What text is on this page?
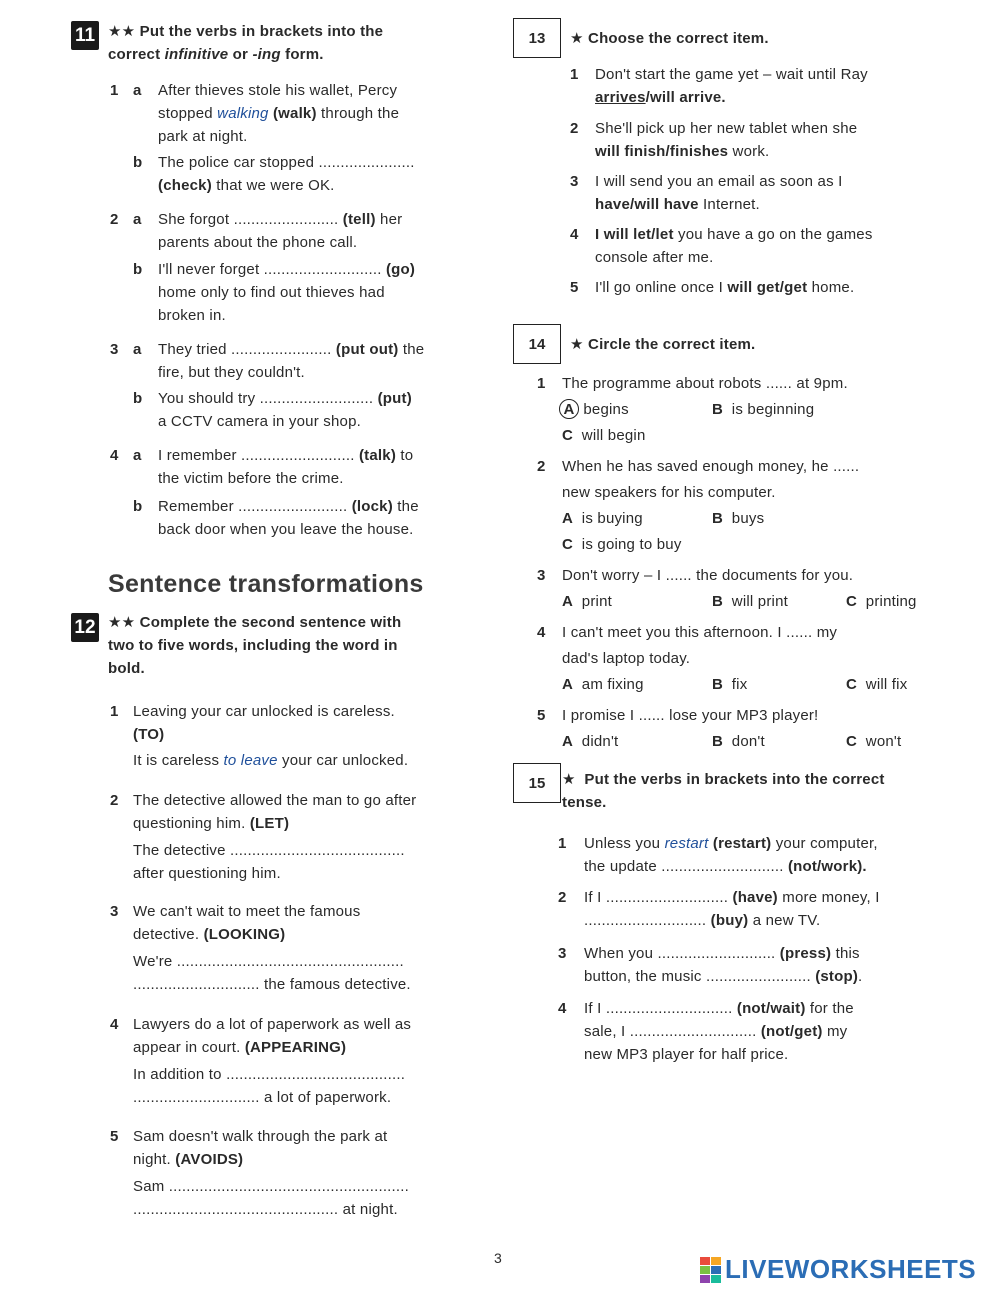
11 ★★ Put the verbs in brackets into the
correct infinitive or -ing form.
1 a After thieves stole his wallet, Percy
stopped walking (walk) through the
park at night.
b The police car stopped ......................
(check) that we were OK.
2 a She forgot ........................ (tell) her
parents about the phone call.
b I'll never forget ........................... (go)
home only to find out thieves had
broken in.
3 a They tried ....................... (put out) the
fire, but they couldn't.
b You should try .......................... (put)
a CCTV camera in your shop.
4 a I remember .......................... (talk) to
the victim before the crime.
b Remember ......................... (lock) the
back door when you leave the house.
Sentence transformations
12 ★★ Complete the second sentence with
two to five words, including the word in
bold.
1 Leaving your car unlocked is careless.
(TO)
It is careless to leave your car unlocked.
2 The detective allowed the man to go after
questioning him. (LET)
The detective ........................................
after questioning him.
3 We can't wait to meet the famous
detective. (LOOKING)
We're ....................................................
............................. the famous detective.
4 Lawyers do a lot of paperwork as well as
appear in court. (APPEARING)
In addition to .........................................
............................. a lot of paperwork.
5 Sam doesn't walk through the park at
night. (AVOIDS)
Sam .......................................................
............................................... at night.
13	★ Choose the correct item.
1 Don't start the game yet – wait until Ray
arrives/will arrive.
2 She'll pick up her new tablet when she
will finish/finishes work.
3 I will send you an email as soon as I
have/will have Internet.
4 I will let/let you have a go on the games
console after me.
5 I'll go online once I will get/get home.
14	★ Circle the correct item.
1 The programme about robots ...... at 9pm.
A begins	B is beginning
C will begin
2 When he has saved enough money, he ......
new speakers for his computer.
A is buying	B buys
C is going to buy
3 Don't worry – I ...... the documents for you.
A print	B will print	C printing
4 I can't meet you this afternoon. I ...... my
dad's laptop today.
A am fixing	B fix	C will fix
5 I promise I ...... lose your MP3 player!
A didn't	B don't	C won't
15	★ Put the verbs in brackets into the correct
tense.
1 Unless you restart (restart) your computer,
the update ............................ (not/work).
2 If I ............................ (have) more money, I
............................ (buy) a new TV.
3 When you ........................... (press) this
button, the music ........................ (stop).
4 If I ............................. (not/wait) for the
sale, I ............................. (not/get) my
new MP3 player for half price.
3	LIVEWORKSHEETS
